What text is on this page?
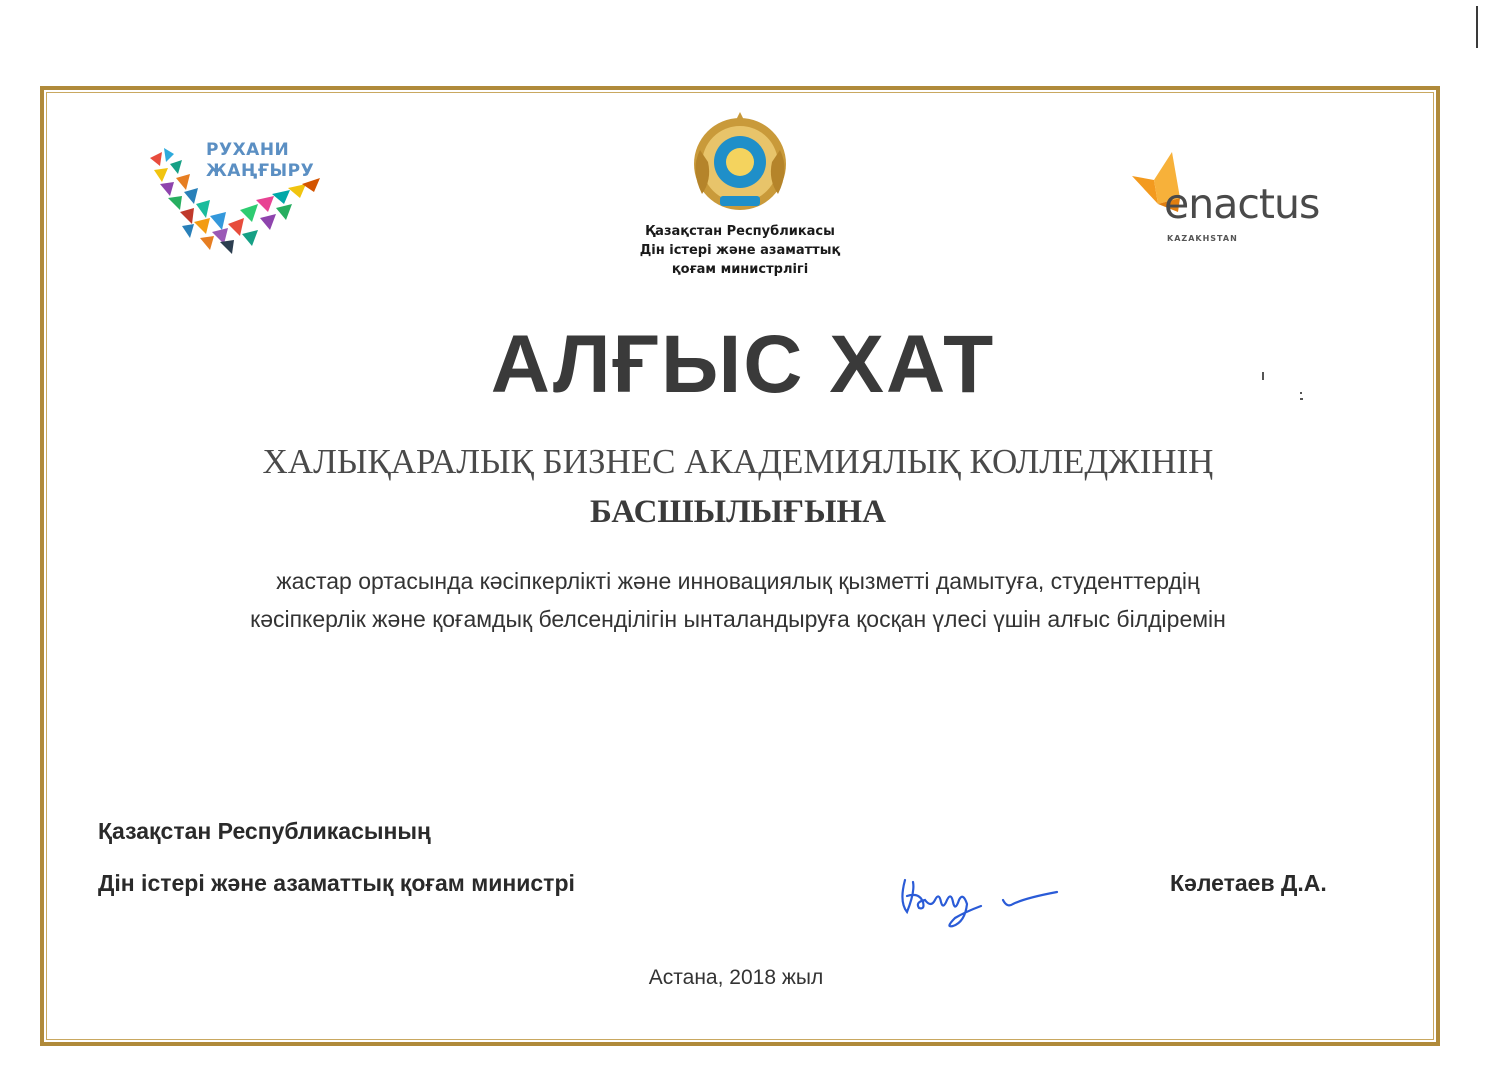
РУХАНИ
ЖАҢҒЫРУ
Қазақстан Республикасы
Дін істері және азаматтық
қоғам министрлігі
enactus
KAZAKHSTAN
АЛҒЫС ХАТ
ХАЛЫҚАРАЛЫҚ БИЗНЕС АКАДЕМИЯЛЫҚ КОЛЛЕДЖІНІҢ
БАСШЫЛЫҒЫНА
жастар ортасында кәсіпкерлікті және инновациялық қызметті дамытуға, студенттердің
кәсіпкерлік және қоғамдық белсенділігін ынталандыруға қосқан үлесі үшін алғыс білдіремін
Қазақстан Республикасының
Дін істері және азаматтық қоғам министрі	Кәлетаев Д.А.
Астана, 2018 жыл
